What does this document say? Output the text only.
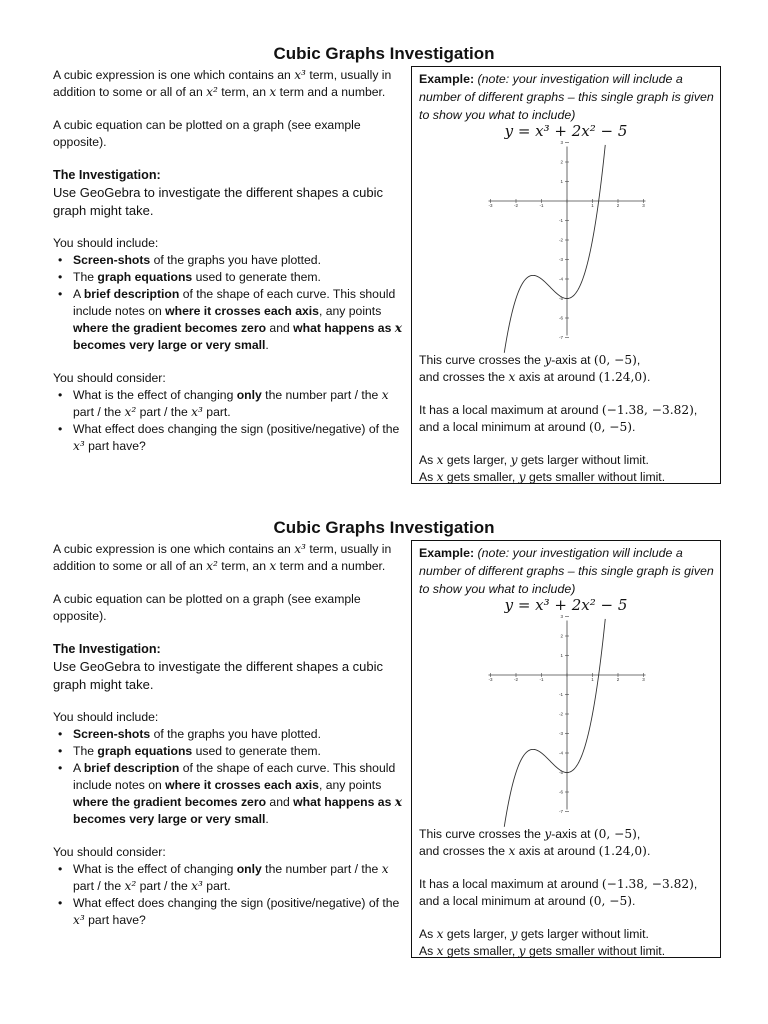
Cubic Graphs Investigation

A cubic expression is one which contains an x³ term, usually in addition to some or all of an x² term, an x term and a number.

A cubic equation can be plotted on a graph (see example opposite).

The Investigation:

Use GeoGebra to investigate the different shapes a cubic graph might take.

You should include:

• Screen-shots of the graphs you have plotted.
• The graph equations used to generate them.
• A brief description of the shape of each curve. This should include notes on where it crosses each axis, any points where the gradient becomes zero and what happens as x becomes very large or very small.

You should consider:

• What is the effect of changing only the number part / the x part / the x² part / the x³ part.
• What effect does changing the sign (positive/negative) of the x³ part have?
Example: (note: your investigation will include a number of different graphs – this single graph is given to show you what to include)
y = x³ + 2x² − 5
-3	-2	-1	1	2	3
3
2
1
-1
-2
-3
-4
-5
-6
-7

This curve crosses the y-axis at (0, −5),

and crosses the x axis at around (1.24,0).

It has a local maximum at around (−1.38, −3.82),

and a local minimum at around (0, −5).

As x gets larger, y gets larger without limit.

As x gets smaller, y gets smaller without limit.

Cubic Graphs Investigation

A cubic expression is one which contains an x³ term, usually in addition to some or all of an x² term, an x term and a number.

A cubic equation can be plotted on a graph (see example opposite).

The Investigation:

Use GeoGebra to investigate the different shapes a cubic graph might take.

You should include:

• Screen-shots of the graphs you have plotted.
• The graph equations used to generate them.
• A brief description of the shape of each curve. This should include notes on where it crosses each axis, any points where the gradient becomes zero and what happens as x becomes very large or very small.

You should consider:

• What is the effect of changing only the number part / the x part / the x² part / the x³ part.
• What effect does changing the sign (positive/negative) of the x³ part have?
Example: (note: your investigation will include a number of different graphs – this single graph is given to show you what to include)
y = x³ + 2x² − 5
-3	-2	-1	1	2	3
3
2
1
-1
-2
-3
-4
-5
-6
-7

This curve crosses the y-axis at (0, −5),

and crosses the x axis at around (1.24,0).

It has a local maximum at around (−1.38, −3.82),

and a local minimum at around (0, −5).

As x gets larger, y gets larger without limit.

As x gets smaller, y gets smaller without limit.
